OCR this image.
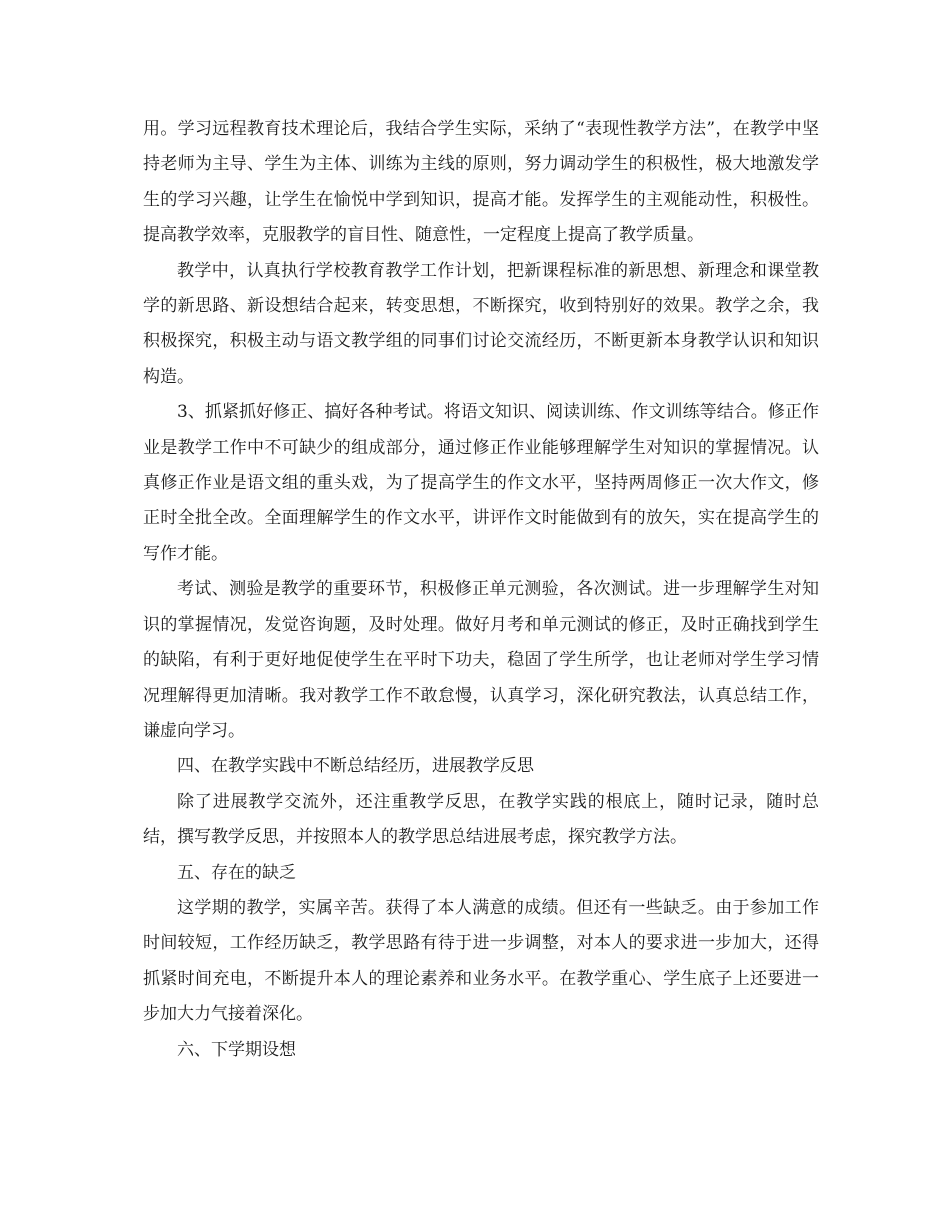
用。学习远程教育技术理论后，我结合学生实际，采纳了“表现性教学方法”，在教学中坚持老师为主导、学生为主体、训练为主线的原则，努力调动学生的积极性，极大地激发学生的学习兴趣，让学生在愉悦中学到知识，提高才能。发挥学生的主观能动性，积极性。提高教学效率，克服教学的盲目性、随意性，一定程度上提高了教学质量。

教学中，认真执行学校教育教学工作计划，把新课程标准的新思想、新理念和课堂教学的新思路、新设想结合起来，转变思想，不断探究，收到特别好的效果。教学之余，我积极探究，积极主动与语文教学组的同事们讨论交流经历，不断更新本身教学认识和知识构造。

3、抓紧抓好修正、搞好各种考试。将语文知识、阅读训练、作文训练等结合。修正作业是教学工作中不可缺少的组成部分，通过修正作业能够理解学生对知识的掌握情况。认真修正作业是语文组的重头戏，为了提高学生的作文水平，坚持两周修正一次大作文，修正时全批全改。全面理解学生的作文水平，讲评作文时能做到有的放矢，实在提高学生的写作才能。

考试、测验是教学的重要环节，积极修正单元测验，各次测试。进一步理解学生对知识的掌握情况，发觉咨询题，及时处理。做好月考和单元测试的修正，及时正确找到学生的缺陷，有利于更好地促使学生在平时下功夫，稳固了学生所学，也让老师对学生学习情况理解得更加清晰。我对教学工作不敢怠慢，认真学习，深化研究教法，认真总结工作，谦虚向学习。

四、在教学实践中不断总结经历，进展教学反思

除了进展教学交流外，还注重教学反思，在教学实践的根底上，随时记录，随时总结，撰写教学反思，并按照本人的教学思总结进展考虑，探究教学方法。

五、存在的缺乏

这学期的教学，实属辛苦。获得了本人满意的成绩。但还有一些缺乏。由于参加工作时间较短，工作经历缺乏，教学思路有待于进一步调整，对本人的要求进一步加大，还得抓紧时间充电，不断提升本人的理论素养和业务水平。在教学重心、学生底子上还要进一步加大力气接着深化。

六、下学期设想
